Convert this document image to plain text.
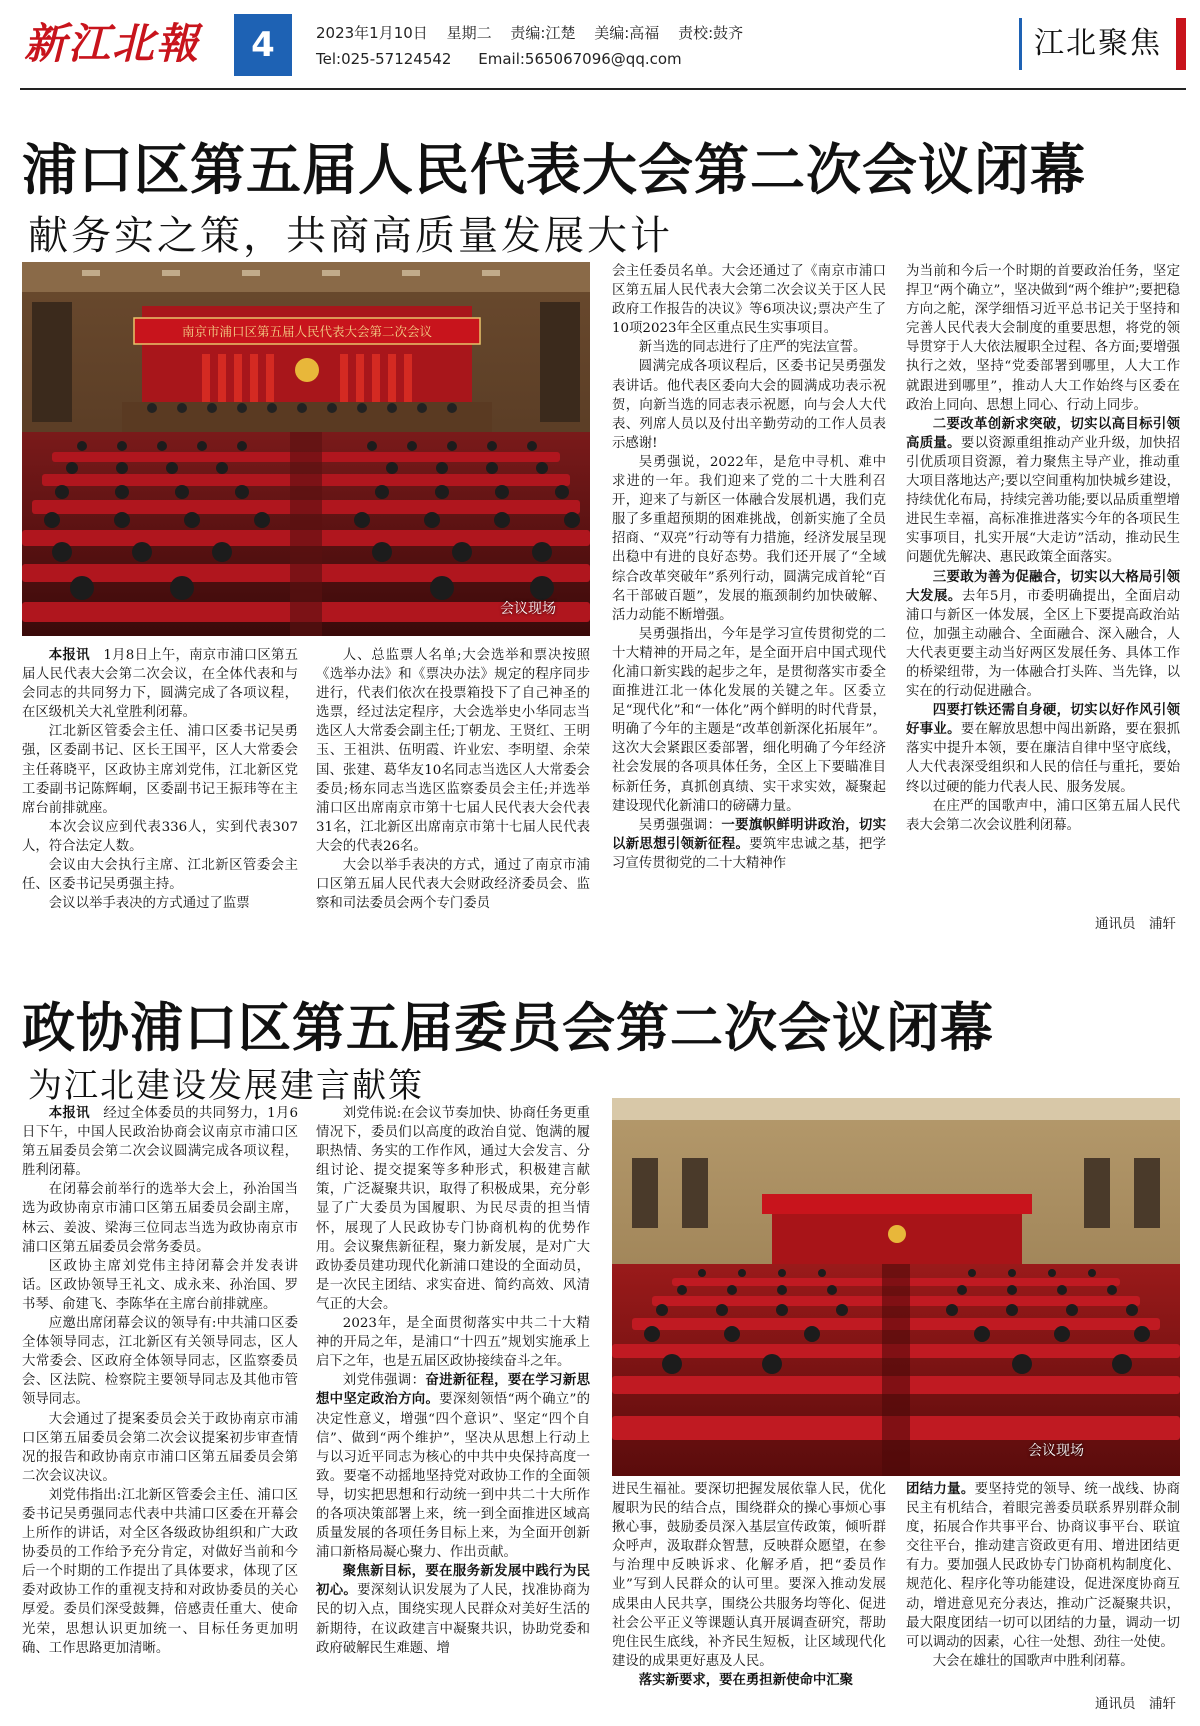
新江北報	4	2023年1月10日 星期二 责编:江楚 美编:高福 责校:鼓齐
Tel:025-57124542 Email:565067096@qq.com	江北聚焦
浦口区第五届人民代表大会第二次会议闭幕
献务实之策，共商高质量发展大计
南京市浦口区第五届人民代表大会第二次会议
会议现场

本报讯　 1月8日上午，南京市浦口区第五届人民代表大会第二次会议，在全体代表和与会同志的共同努力下，圆满完成了各项议程，在区级机关大礼堂胜利闭幕。

江北新区管委会主任、浦口区委书记吴勇强，区委副书记、区长王国平，区人大常委会主任蒋晓平，区政协主席刘党伟，江北新区党工委副书记陈辉峒，区委副书记王振玮等在主席台前排就座。

本次会议应到代表336人，实到代表307人，符合法定人数。

会议由大会执行主席、江北新区管委会主任、区委书记吴勇强主持。

会议以举手表决的方式通过了监票

人、总监票人名单;大会选举和票决按照《选举办法》和《票决办法》规定的程序同步进行，代表们依次在投票箱投下了自己神圣的选票，经过法定程序，大会选举史小华同志当选区人大常委会副主任;丁朝龙、王贤红、王明玉、王祖洪、伍明霞、许业宏、李明望、余荣国、张建、葛华友10名同志当选区人大常委会委员;杨东同志当选区监察委员会主任;并选举浦口区出席南京市第十七届人民代表大会代表31名，江北新区出席南京市第十七届人民代表大会的代表26名。

大会以举手表决的方式，通过了南京市浦口区第五届人民代表大会财政经济委员会、监察和司法委员会两个专门委员

会主任委员名单。大会还通过了《南京市浦口区第五届人民代表大会第二次会议关于区人民政府工作报告的决议》等6项决议;票决产生了10项2023年全区重点民生实事项目。

新当选的同志进行了庄严的宪法宣誓。

圆满完成各项议程后，区委书记吴勇强发表讲话。他代表区委向大会的圆满成功表示祝贺，向新当选的同志表示祝愿，向与会人大代表、列席人员以及付出辛勤劳动的工作人员表示感谢!

吴勇强说，2022年，是危中寻机、难中求进的一年。我们迎来了党的二十大胜利召开，迎来了与新区一体融合发展机遇，我们克服了多重超预期的困难挑战，创新实施了全员招商、“双亮”行动等有力措施，经济发展呈现出稳中有进的良好态势。我们还开展了“全域综合改革突破年”系列行动，圆满完成首轮“百名干部破百题”，发展的瓶颈制约加快破解、活力动能不断增强。

吴勇强指出，今年是学习宣传贯彻党的二十大精神的开局之年，是全面开启中国式现代化浦口新实践的起步之年，是贯彻落实市委全面推进江北一体化发展的关键之年。区委立足“现代化”和“一体化”两个鲜明的时代背景，明确了今年的主题是“改革创新深化拓展年”。这次大会紧跟区委部署，细化明确了今年经济社会发展的各项具体任务，全区上下要瞄准目标新任务，真抓创真绩、实干求实效，凝聚起建设现代化新浦口的磅礴力量。

吴勇强强调：一要旗帜鲜明讲政治，切实以新思想引领新征程。要筑牢忠诚之基，把学习宣传贯彻党的二十大精神作

为当前和今后一个时期的首要政治任务，坚定捍卫“两个确立”，坚决做到“两个维护”;要把稳方向之舵，深学细悟习近平总书记关于坚持和完善人民代表大会制度的重要思想，将党的领导贯穿于人大依法履职全过程、各方面;要增强执行之效，坚持“党委部署到哪里，人大工作就跟进到哪里”，推动人大工作始终与区委在政治上同向、思想上同心、行动上同步。

二要改革创新求突破，切实以高目标引领高质量。要以资源重组推动产业升级，加快招引优质项目资源，着力聚焦主导产业，推动重大项目落地达产;要以空间重构加快城乡建设，持续优化布局，持续完善功能;要以品质重塑增进民生幸福，高标准推进落实今年的各项民生实事项目，扎实开展“大走访”活动，推动民生问题优先解决、惠民政策全面落实。

三要敢为善为促融合，切实以大格局引领大发展。去年5月，市委明确提出，全面启动浦口与新区一体发展，全区上下要提高政治站位，加强主动融合、全面融合、深入融合，人大代表更要主动当好两区发展任务、具体工作的桥梁纽带，为一体融合打头阵、当先锋，以实在的行动促进融合。

四要打铁还需自身硬，切实以好作风引领好事业。要在解放思想中闯出新路，要在狠抓落实中提升本领，要在廉洁自律中坚守底线，人大代表深受组织和人民的信任与重托，要始终以过硬的能力代表人民、服务发展。

在庄严的国歌声中，浦口区第五届人民代表大会第二次会议胜利闭幕。

通讯员　浦轩
政协浦口区第五届委员会第二次会议闭幕
为江北建设发展建言献策

本报讯　 经过全体委员的共同努力，1月6日下午，中国人民政治协商会议南京市浦口区第五届委员会第二次会议圆满完成各项议程，胜利闭幕。

在闭幕会前举行的选举大会上，孙治国当选为政协南京市浦口区第五届委员会副主席，林云、姜波、梁海三位同志当选为政协南京市浦口区第五届委员会常务委员。

区政协主席刘党伟主持闭幕会并发表讲话。区政协领导王礼文、成永来、孙治国、罗书琴、俞建飞、李陈华在主席台前排就座。

应邀出席闭幕会议的领导有:中共浦口区委全体领导同志，江北新区有关领导同志，区人大常委会、区政府全体领导同志，区监察委员会、区法院、检察院主要领导同志及其他市管领导同志。

大会通过了提案委员会关于政协南京市浦口区第五届委员会第二次会议提案初步审查情况的报告和政协南京市浦口区第五届委员会第二次会议决议。

刘党伟指出:江北新区管委会主任、浦口区委书记吴勇强同志代表中共浦口区委在开幕会上所作的讲话，对全区各级政协组织和广大政协委员的工作给予充分肯定，对做好当前和今后一个时期的工作提出了具体要求，体现了区委对政协工作的重视支持和对政协委员的关心厚爱。委员们深受鼓舞，倍感责任重大、使命光荣，思想认识更加统一、目标任务更加明确、工作思路更加清晰。

刘党伟说:在会议节奏加快、协商任务更重情况下，委员们以高度的政治自觉、饱满的履职热情、务实的工作作风，通过大会发言、分组讨论、提交提案等多种形式，积极建言献策，广泛凝聚共识，取得了积极成果，充分彰显了广大委员为国履职、为民尽责的担当情怀，展现了人民政协专门协商机构的优势作用。会议聚焦新征程，聚力新发展，是对广大政协委员建功现代化新浦口建设的全面动员，是一次民主团结、求实奋进、简约高效、风清气正的大会。

2023年，是全面贯彻落实中共二十大精神的开局之年，是浦口“十四五”规划实施承上启下之年，也是五届区政协接续奋斗之年。

刘党伟强调：奋进新征程，要在学习新思想中坚定政治方向。要深刻领悟“两个确立”的决定性意义，增强“四个意识”、坚定“四个自信”、做到“两个维护”，坚决从思想上行动上与以习近平同志为核心的中共中央保持高度一致。要毫不动摇地坚持党对政协工作的全面领导，切实把思想和行动统一到中共二十大所作的各项决策部署上来，统一到全面推进区域高质量发展的各项任务目标上来，为全面开创新浦口新格局凝心聚力、作出贡献。

聚焦新目标，要在服务新发展中践行为民初心。要深刻认识发展为了人民，找准协商为民的切入点，围绕实现人民群众对美好生活的新期待，在议政建言中凝聚共识，协助党委和政府破解民生难题、增

会议现场

进民生福祉。要深切把握发展依靠人民，优化履职为民的结合点，围绕群众的操心事烦心事揪心事，鼓励委员深入基层宣传政策，倾听群众呼声，汲取群众智慧，反映群众愿望，在参与治理中反映诉求、化解矛盾，把“委员作业”写到人民群众的认可里。要深入推动发展成果由人民共享，围绕公共服务均等化、促进社会公平正义等课题认真开展调查研究，帮助兜住民生底线，补齐民生短板，让区域现代化建设的成果更好惠及人民。

落实新要求，要在勇担新使命中汇聚

团结力量。要坚持党的领导、统一战线、协商民主有机结合，着眼完善委员联系界别群众制度，拓展合作共事平台、协商议事平台、联谊交往平台，推动建言资政更有用、增进团结更有力。要加强人民政协专门协商机构制度化、规范化、程序化等功能建设，促进深度协商互动，增进意见充分表达，推动广泛凝聚共识，最大限度团结一切可以团结的力量，调动一切可以调动的因素，心往一处想、劲往一处使。

大会在雄壮的国歌声中胜利闭幕。

通讯员　浦轩
